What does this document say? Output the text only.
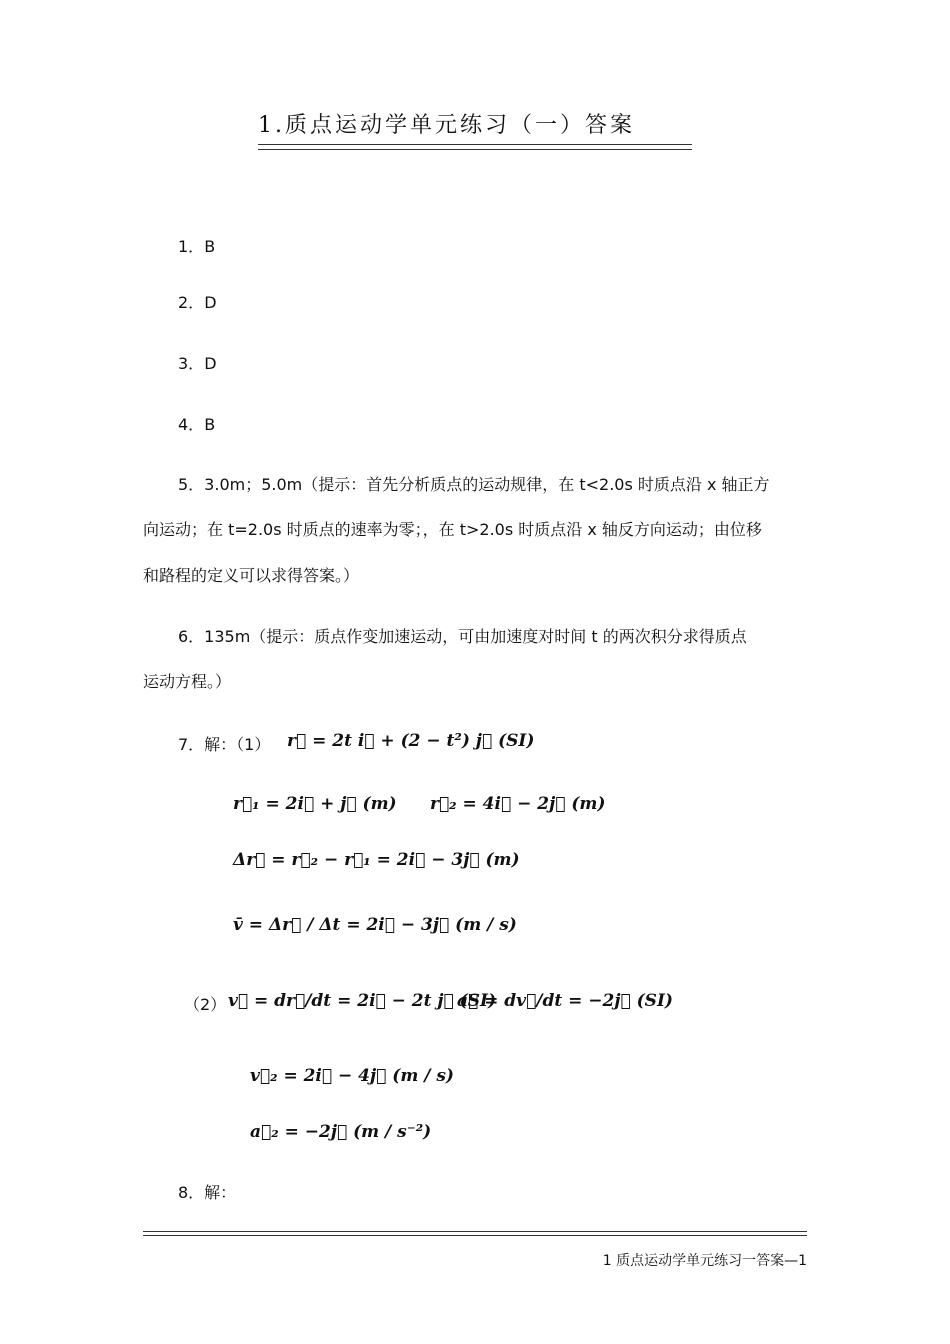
1.质点运动学单元练习（一）答案
1．B
2．D
3．D
4．B
5．3.0m；5.0m（提示：首先分析质点的运动规律，在 t<2.0s 时质点沿 x 轴正方
向运动；在 t=2.0s 时质点的速率为零；，在 t>2.0s 时质点沿 x 轴反方向运动；由位移
和路程的定义可以求得答案。）
6．135m（提示：质点作变加速运动，可由加速度对时间 t 的两次积分求得质点
运动方程。）
7．解：（1） r⃗ = 2t i⃗ + (2 − t²) j⃗ (SI)
r⃗₁ = 2i⃗ + j⃗ (m) r⃗₂ = 4i⃗ − 2j⃗ (m)
Δr⃗ = r⃗₂ − r⃗₁ = 2i⃗ − 3j⃗ (m)
v̄ = Δr⃗ / Δt = 2i⃗ − 3j⃗ (m / s)
（2） v⃗ = dr⃗/dt = 2i⃗ − 2t j⃗ (SI)
a⃗ = dv⃗/dt = −2j⃗ (SI)
v⃗₂ = 2i⃗ − 4j⃗ (m / s)
a⃗₂ = −2j⃗ (m / s⁻²)
8．解：
1 质点运动学单元练习一答案—1
